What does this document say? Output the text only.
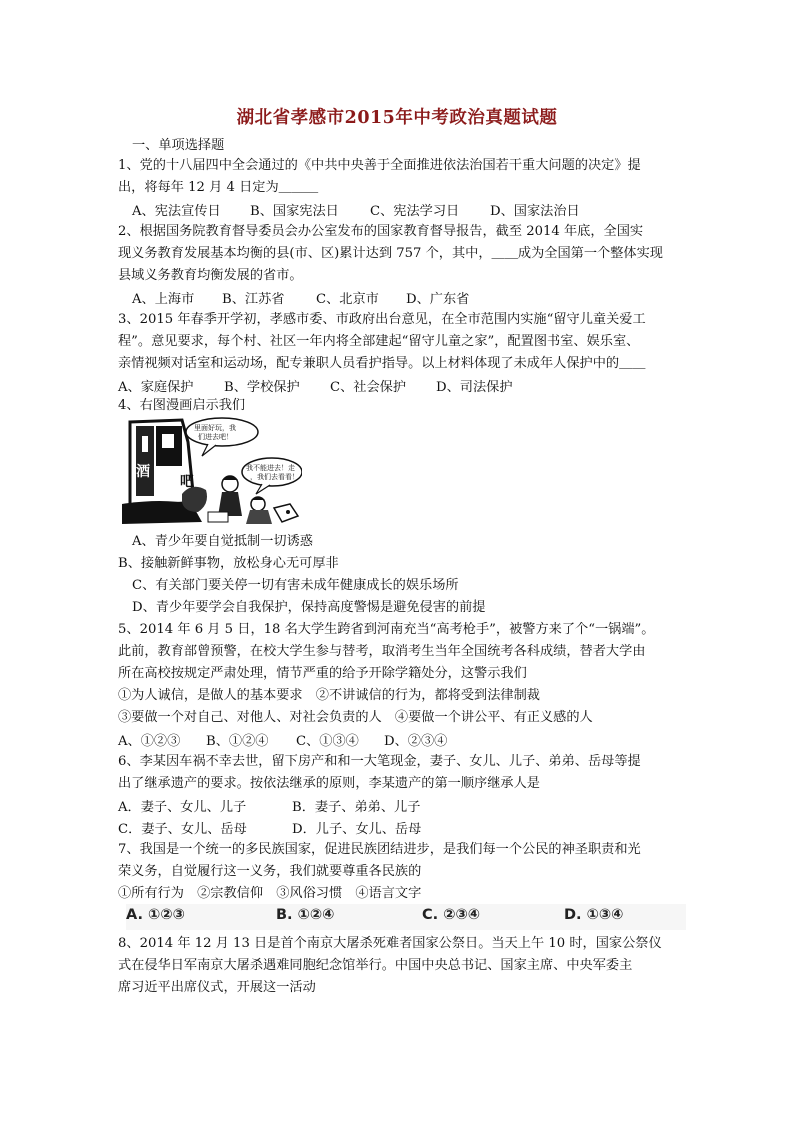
湖北省孝感市2015年中考政治真题试题
一、单项选择题
1、党的十八届四中全会通过的《中共中央善于全面推进依法治国若干重大问题的决定》提
出，将每年 12 月 4 日定为＿＿＿
A、宪法宣传日 B、国家宪法日 C、宪法学习日 D、国家法治日
2、根据国务院教育督导委员会办公室发布的国家教育督导报告，截至 2014 年底，全国实
现义务教育发展基本均衡的县(市、区)累计达到 757 个，其中，＿＿成为全国第一个整体实现
县域义务教育均衡发展的省市。
A、上海市 B、江苏省 C、北京市 D、广东省
3、2015 年春季开学初，孝感市委、市政府出台意见，在全市范围内实施“留守儿童关爱工
程”。意见要求，每个村、社区一年内将全部建起“留守儿童之家”，配置图书室、娱乐室、
亲情视频对话室和运动场，配专兼职人员看护指导。以上材料体现了未成年人保护中的＿＿
A、家庭保护 B、学校保护 C、社会保护 D、司法保护
4、右图漫画启示我们
酒
吧
里面好玩，我
们进去吧！
我不能进去！走
，我们去看看！
A、青少年要自觉抵制一切诱惑
B、接触新鲜事物，放松身心无可厚非
C、有关部门要关停一切有害未成年健康成长的娱乐场所
D、青少年要学会自我保护，保持高度警惕是避免侵害的前提
5、2014 年 6 月 5 日，18 名大学生跨省到河南充当“高考枪手”，被警方来了个“一锅端”。
此前，教育部曾预警，在校大学生参与替考，取消考生当年全国统考各科成绩，替者大学由
所在高校按规定严肃处理，情节严重的给予开除学籍处分，这警示我们
①为人诚信，是做人的基本要求　②不讲诚信的行为，都将受到法律制裁
③要做一个对自己、对他人、对社会负责的人　④要做一个讲公平、有正义感的人
A、①②③ B、①②④ C、①③④ D、②③④
6、李某因车祸不幸去世，留下房产和和一大笔现金，妻子、女儿、儿子、弟弟、岳母等提
出了继承遗产的要求。按依法继承的原则，李某遗产的第一顺序继承人是
A．妻子、女儿、儿子	B．妻子、弟弟、儿子
C．妻子、女儿、岳母	D．儿子、女儿、岳母
7、我国是一个统一的多民族国家，促进民族团结进步，是我们每一个公民的神圣职责和光
荣义务，自觉履行这一义务，我们就要尊重各民族的
①所有行为　②宗教信仰　③风俗习惯　④语言文字
A. ①②③	B. ①②④	C. ②③④	D. ①③④
8、2014 年 12 月 13 日是首个南京大屠杀死难者国家公祭日。当天上午 10 时，国家公祭仪
式在侵华日军南京大屠杀遇难同胞纪念馆举行。中国中央总书记、国家主席、中央军委主
席习近平出席仪式，开展这一活动
